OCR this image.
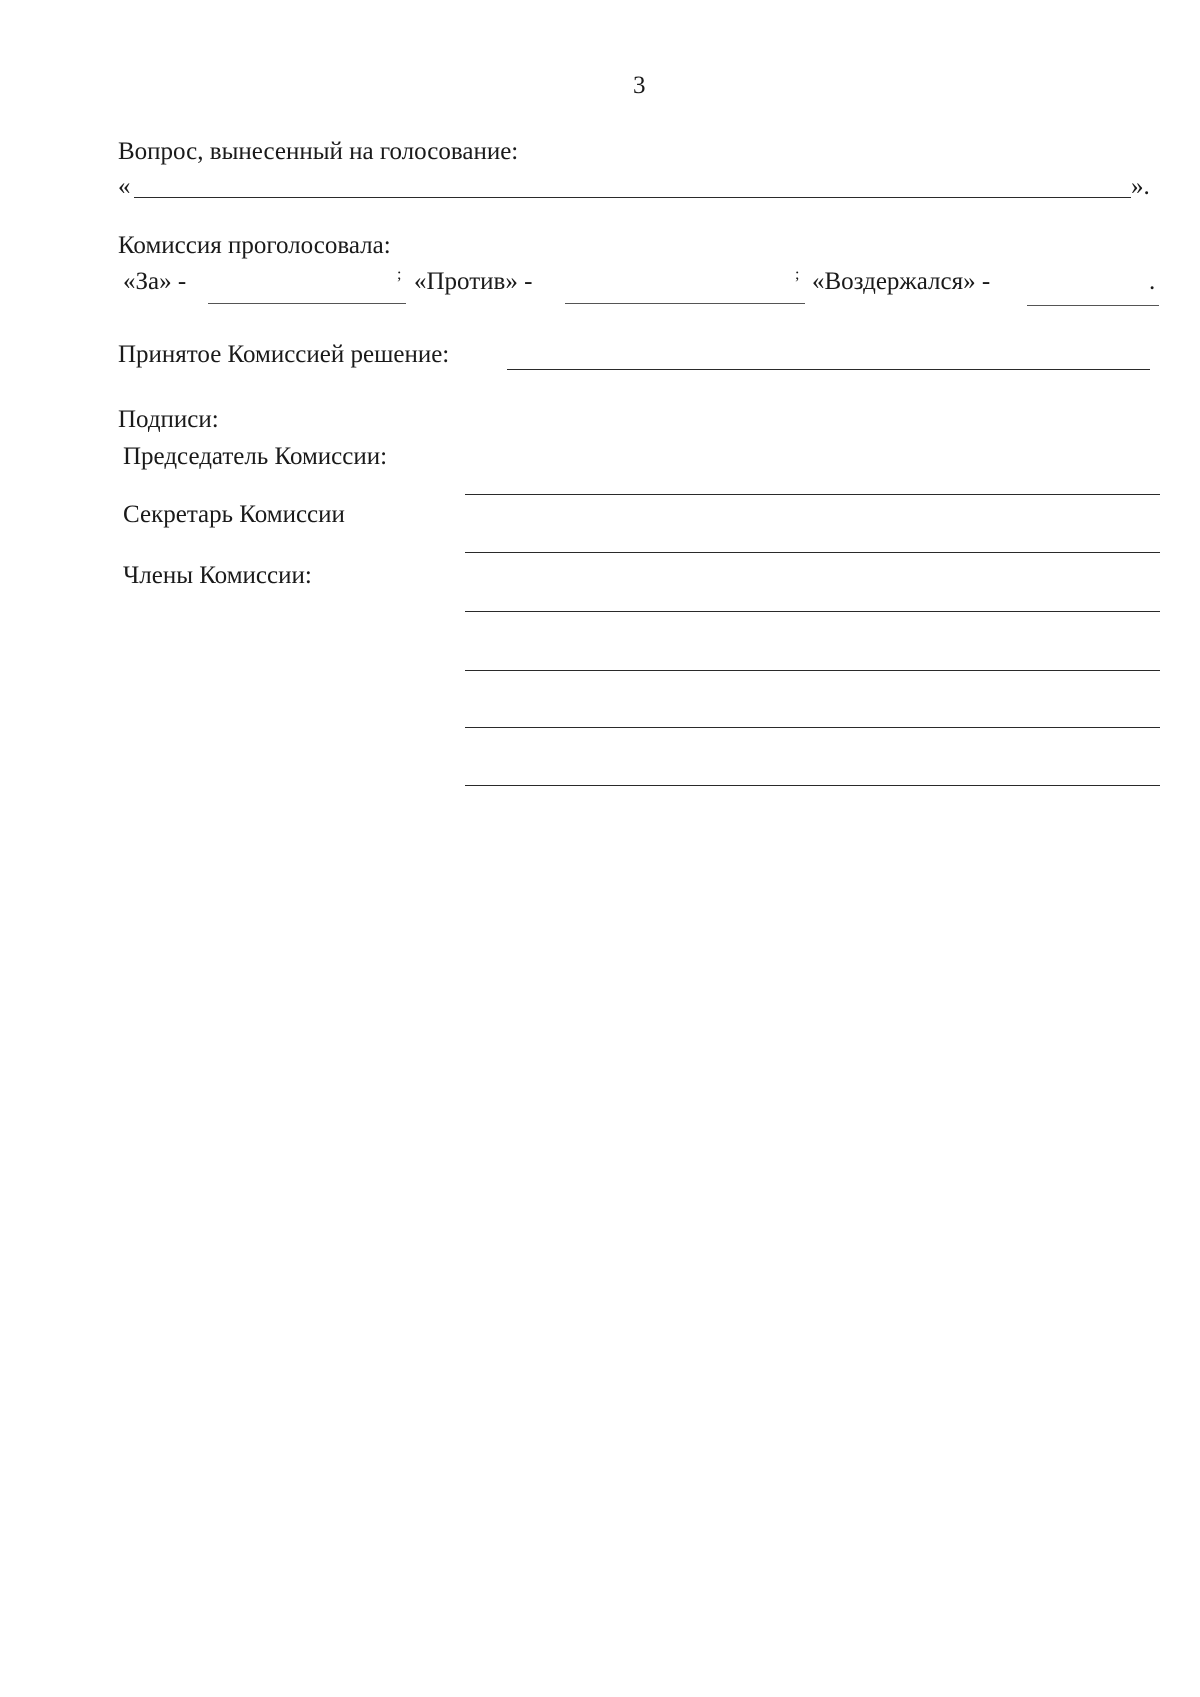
3
Вопрос, вынесенный на голосование:
«	».
Комиссия проголосовала:
«За» -	; «Против» -	; «Воздержался» -	.
Принятое Комиссией решение:
Подписи:
Председатель Комиссии:
Секретарь Комиссии
Члены Комиссии:
